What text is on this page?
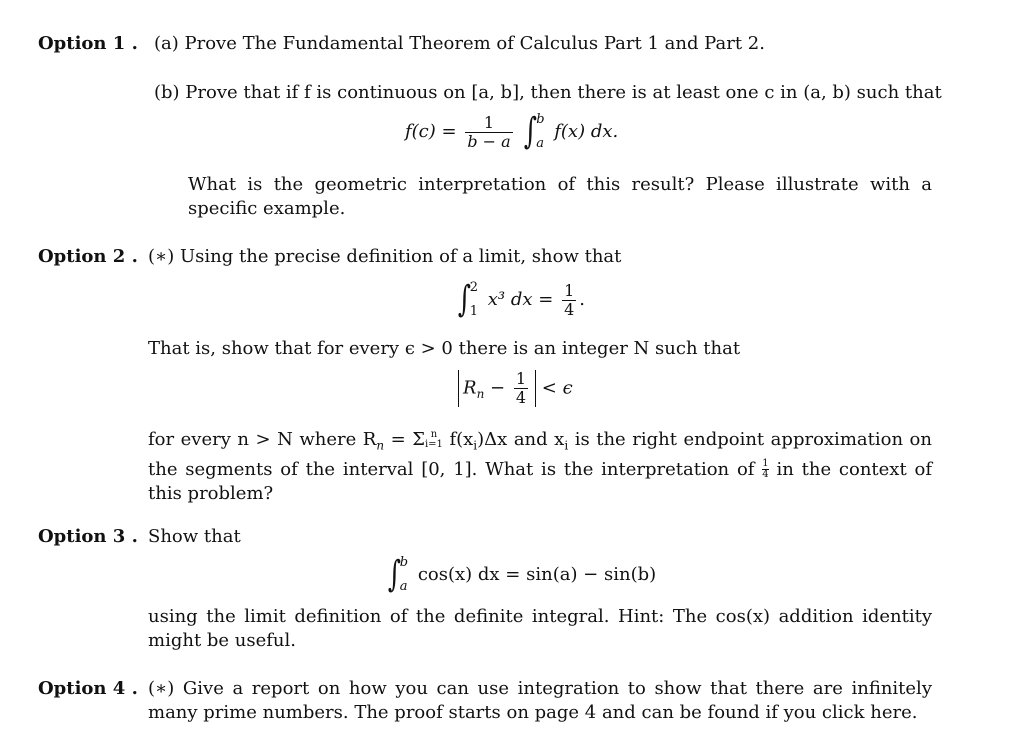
Option 1 . (a) Prove The Fundamental Theorem of Calculus Part 1 and Part 2.
(b) Prove that if f is continuous on [a, b], then there is at least one c in (a, b) such that
$f(c) = \frac{1}{b - a}$ ∫
b
a
f(x) dx.
What is the geometric interpretation of this result? Please illustrate with a specific example.
Option 2 . (∗) Using the precise definition of a limit, show that
∫
2
1
x³ dx = $\frac{1}{4}$ .
That is, show that for every ϵ > 0 there is an integer N such that
$R_n - \frac{1}{4} < \epsilon$
for every n > N where $R_n = \Sigma$ n
i=1 $f(x_i)\Delta x$ and $x_i$ is the right endpoint approximation on the segments of the interval [0, 1]. What is the interpretation of $\frac{1}{4}$ in the context of this problem?
Option 3 . Show that
∫
b
a
cos(x) dx = sin(a) − sin(b)
using the limit definition of the definite integral. Hint: The cos(x) addition identity might be useful.
Option 4 . (∗) Give a report on how you can use integration to show that there are infinitely many prime numbers. The proof starts on page 4 and can be found if you click here.
